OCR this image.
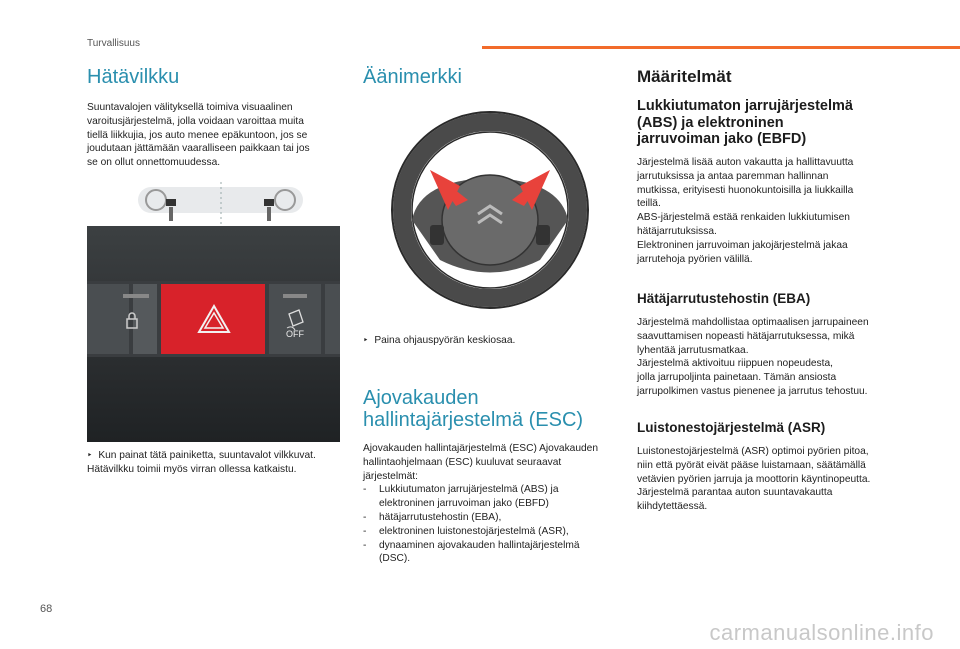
Turvallisuus
Hätävilkku

Suuntavalojen välityksellä toimiva visuaalinen

varoitusjärjestelmä, jolla voidaan varoittaa muita

tiellä liikkujia, jos auto menee epäkuntoon, jos se

joudutaan jättämään vaaralliseen paikkaan tai jos

se on ollut onnettomuudessa.

OFF

‣ Kun painat tätä painiketta, suuntavalot vilkkuvat.

Hätävilkku toimii myös virran ollessa katkaistu.

Äänimerkki
‣ Paina ohjauspyörän keskiosaa.
Ajovakauden
hallintajärjestelmä (ESC)

Ajovakauden hallintajärjestelmä (ESC) Ajovakauden

hallintaohjelmaan (ESC) kuuluvat seuraavat

järjestelmät:

- Lukkiutumaton jarrujärjestelmä (ABS) ja
elektroninen jarruvoiman jako (EBFD)
- hätäjarrutustehostin (EBA),
- elektroninen luistonestojärjestelmä (ASR),
- dynaaminen ajovakauden hallintajärjestelmä
(DSC).
Määritelmät
Lukkiutumaton jarrujärjestelmä
(ABS) ja elektroninen
jarruvoiman jako (EBFD)

Järjestelmä lisää auton vakautta ja hallittavuutta

jarrutuksissa ja antaa paremman hallinnan

mutkissa, erityisesti huonokuntoisilla ja liukkailla

teillä.

ABS-järjestelmä estää renkaiden lukkiutumisen

hätäjarrutuksissa.

Elektroninen jarruvoiman jakojärjestelmä jakaa

jarrutehoja pyörien välillä.

Hätäjarrutustehostin (EBA)

Järjestelmä mahdollistaa optimaalisen jarrupaineen

saavuttamisen nopeasti hätäjarrutuksessa, mikä

lyhentää jarrutusmatkaa.

Järjestelmä aktivoituu riippuen nopeudesta,

jolla jarrupoljinta painetaan. Tämän ansiosta

jarrupolkimen vastus pienenee ja jarrutus tehostuu.

Luistonestojärjestelmä (ASR)

Luistonestojärjestelmä (ASR) optimoi pyörien pitoa,

niin että pyörät eivät pääse luistamaan, säätämällä

vetävien pyörien jarruja ja moottorin käyntinopeutta.

Järjestelmä parantaa auton suuntavakautta

kiihdytettäessä.

68
carmanualsonline.info
